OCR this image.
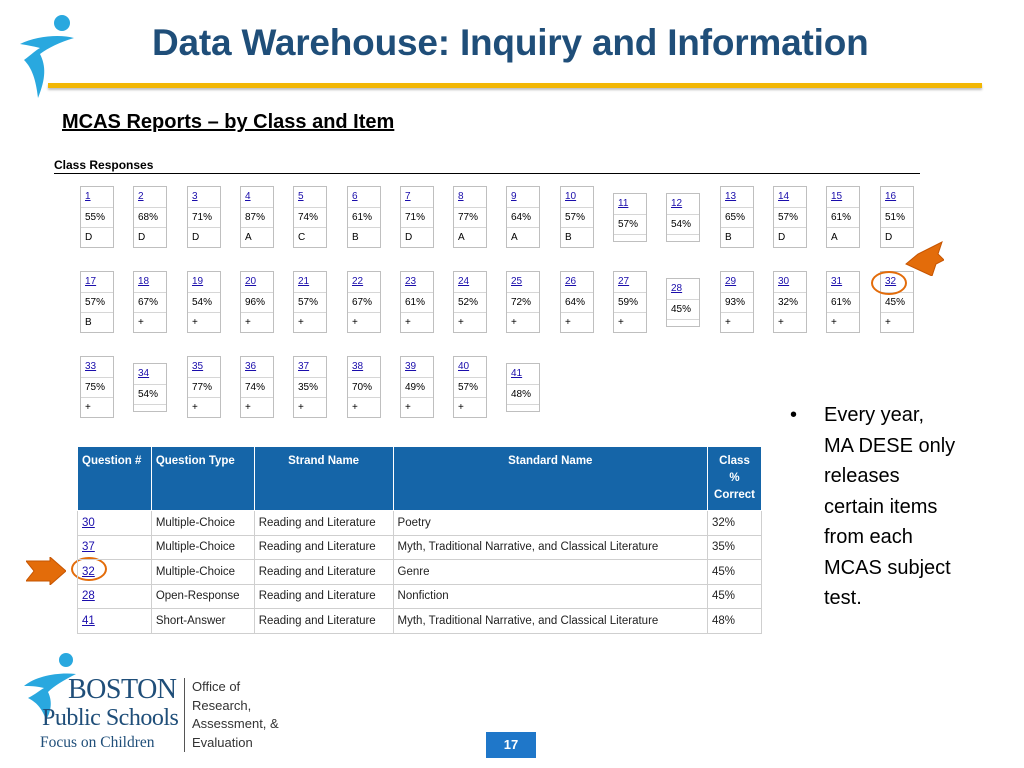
Data Warehouse: Inquiry and Information

MCAS Reports – by Class and Item

Class Responses
1
55%
D
2
68%
D
3
71%
D
4
87%
A
5
74%
C
6
61%
B
7
71%
D
8
77%
A
9
64%
A
10
57%
B
11
57%
12
54%
13
65%
B
14
57%
D
15
61%
A
16
51%
D
17
57%
B
18
67%
+
19
54%
+
20
96%
+
21
57%
+
22
67%
+
23
61%
+
24
52%
+
25
72%
+
26
64%
+
27
59%
+
28
45%
29
93%
+
30
32%
+
31
61%
+
32
45%
+
33
75%
+
34
54%
35
77%
+
36
74%
+
37
35%
+
38
70%
+
39
49%
+
40
57%
+
41
48%
Question #	Question Type	Strand Name	Standard Name	Class
%
Correct

30	Multiple-Choice	Reading and Literature	Poetry	32%
37	Multiple-Choice	Reading and Literature	Myth, Traditional Narrative, and Classical Literature	35%
32	Multiple-Choice	Reading and Literature	Genre	45%
28	Open-Response	Reading and Literature	Nonfiction	45%
41	Short-Answer	Reading and Literature	Myth, Traditional Narrative, and Classical Literature	48%
• Every year,
MA DESE only
releases
certain items
from each
MCAS subject
test.
BOSTON
Public Schools
Focus on Children
Office of
Research,
Assessment, &
Evaluation	17
